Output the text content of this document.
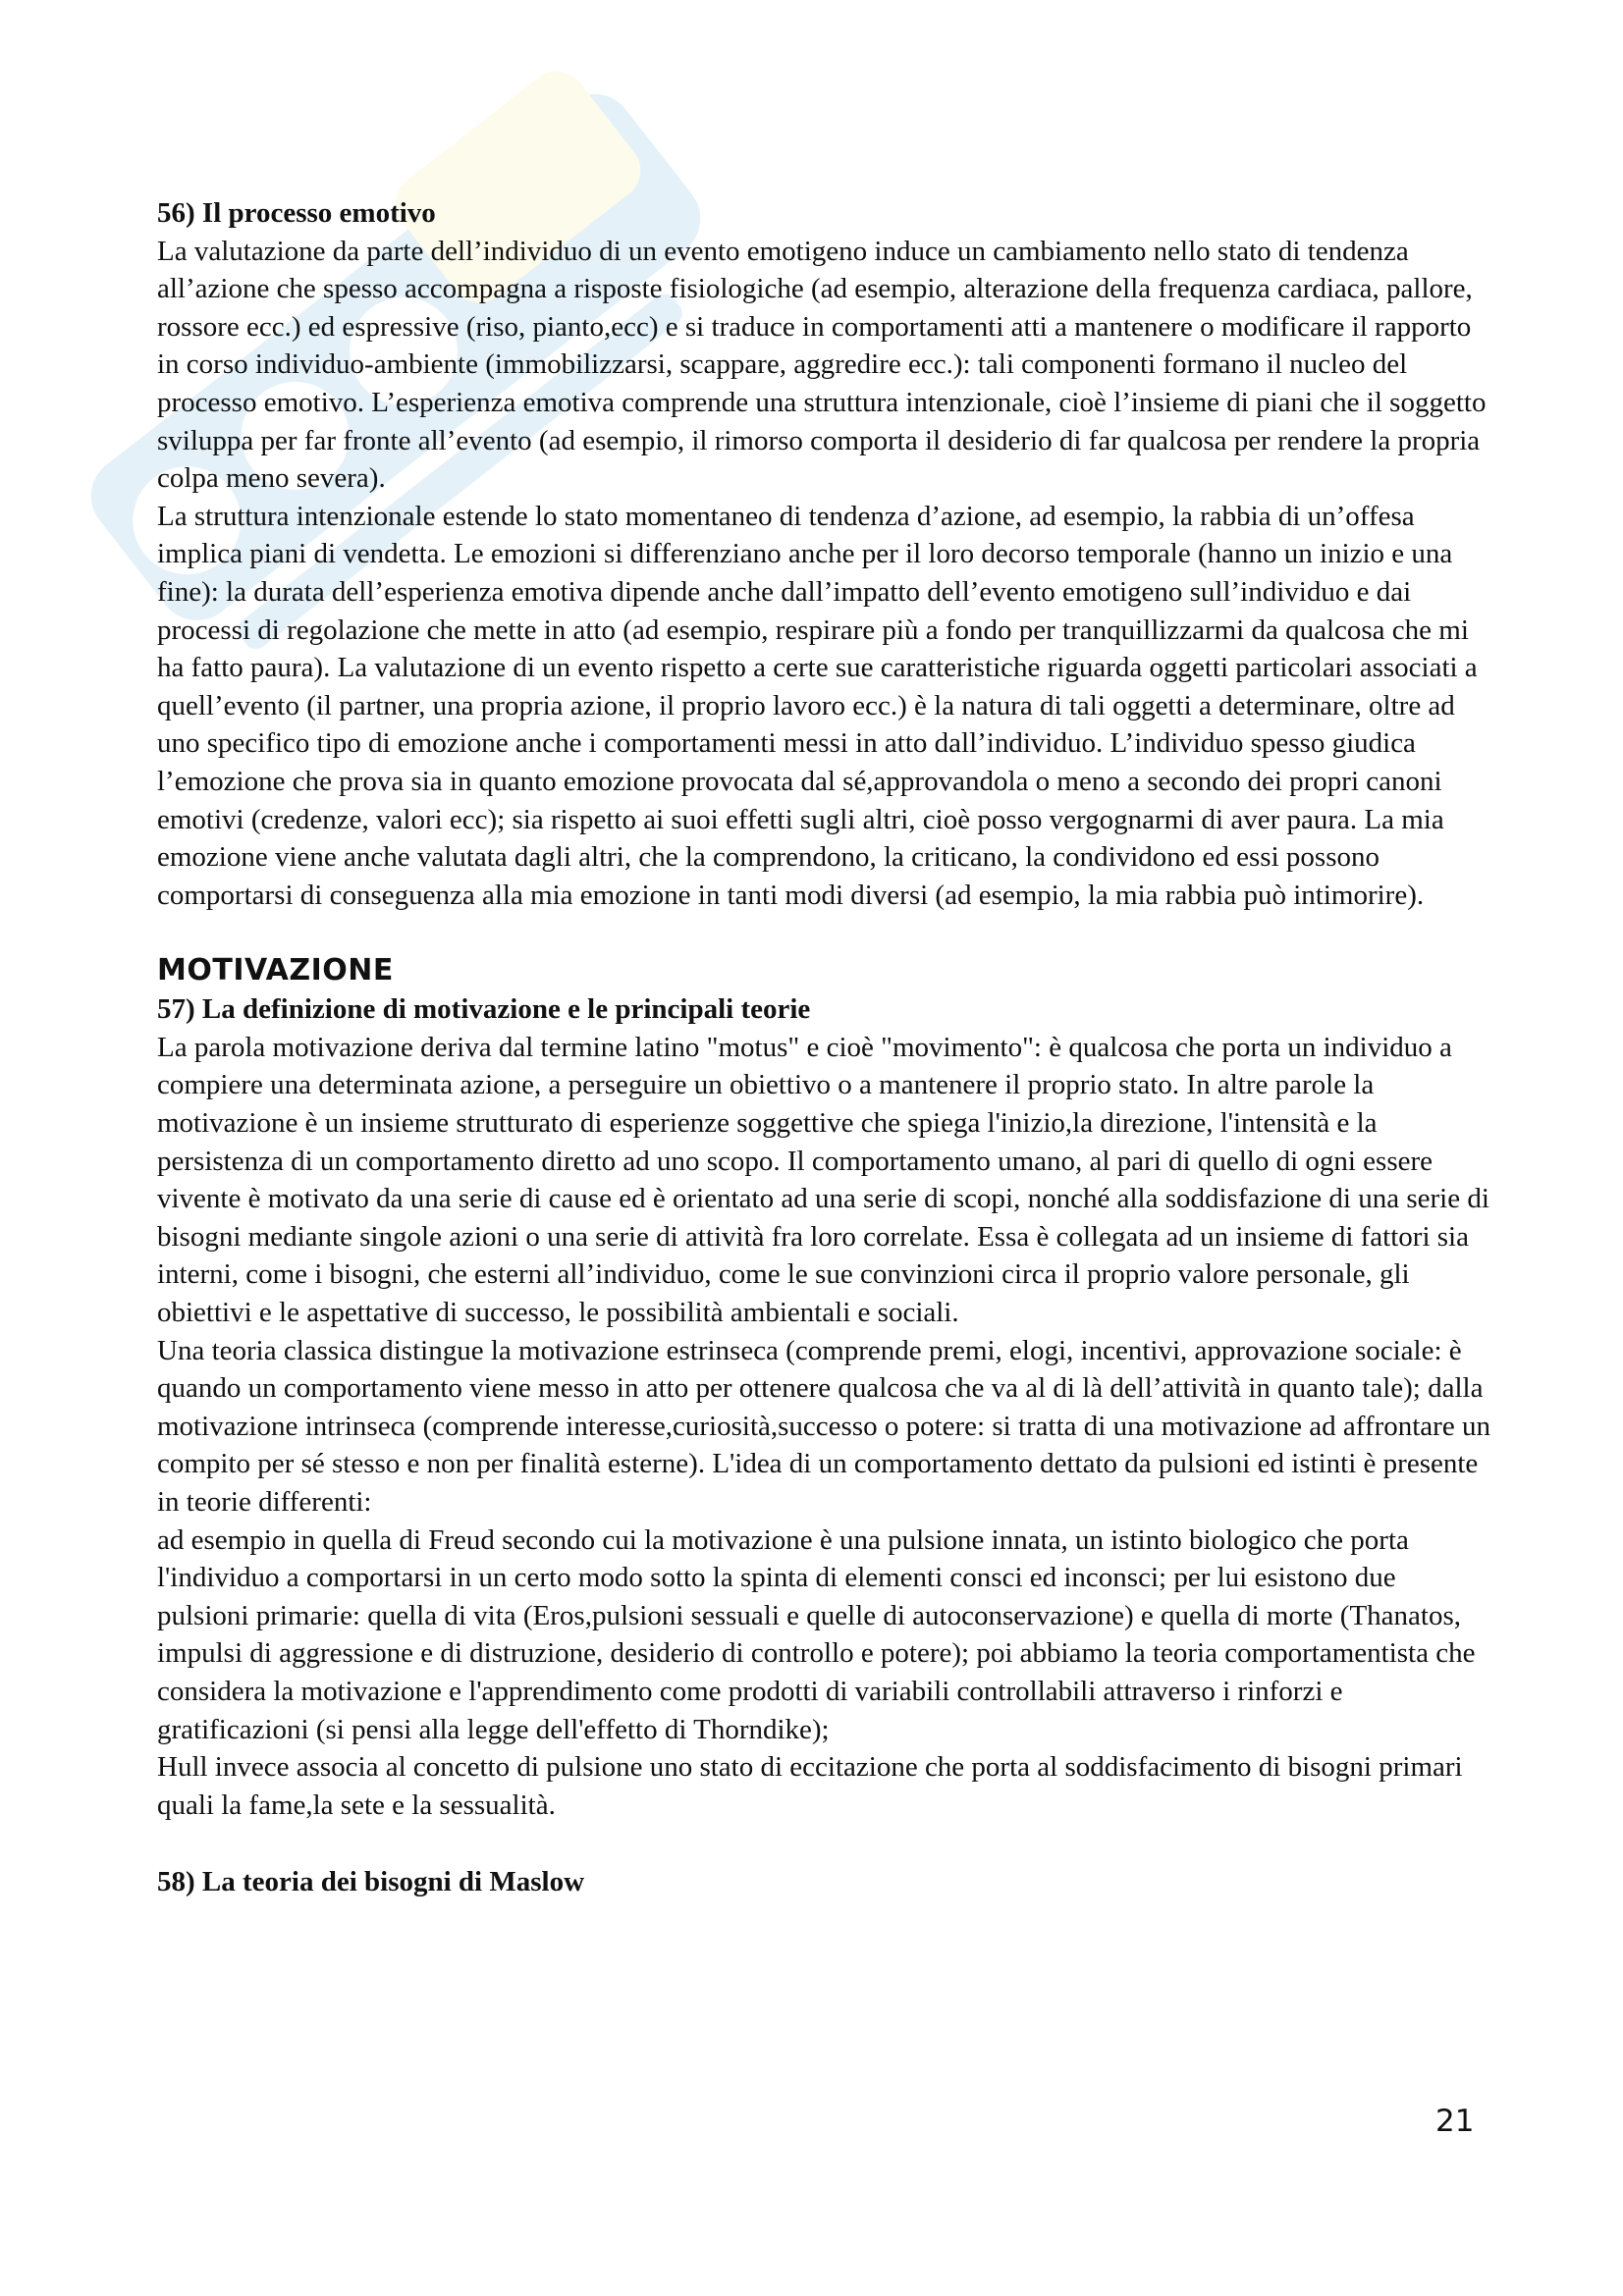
56) Il processo emotivo

La valutazione da parte dell’individuo di un evento emotigeno induce un cambiamento nello stato di tendenza all’azione che spesso accompagna a risposte fisiologiche (ad esempio, alterazione della frequenza cardiaca, pallore, rossore ecc.) ed espressive (riso, pianto,ecc) e si traduce in comportamenti atti a mantenere o modificare il rapporto in corso individuo-ambiente (immobilizzarsi, scappare, aggredire ecc.): tali componenti formano il nucleo del processo emotivo. L’esperienza emotiva comprende una struttura intenzionale, cioè l’insieme di piani che il soggetto sviluppa per far fronte all’evento (ad esempio, il rimorso comporta il desiderio di far qualcosa per rendere la propria colpa meno severa).

La struttura intenzionale estende lo stato momentaneo di tendenza d’azione, ad esempio, la rabbia di un’offesa implica piani di vendetta. Le emozioni si differenziano anche per il loro decorso temporale (hanno un inizio e una fine): la durata dell’esperienza emotiva dipende anche dall’impatto dell’evento emotigeno sull’individuo e dai processi di regolazione che mette in atto (ad esempio, respirare più a fondo per tranquillizzarmi da qualcosa che mi ha fatto paura). La valutazione di un evento rispetto a certe sue caratteristiche riguarda oggetti particolari associati a quell’evento (il partner, una propria azione, il proprio lavoro ecc.) è la natura di tali oggetti a determinare, oltre ad uno specifico tipo di emozione anche i comportamenti messi in atto dall’individuo. L’individuo spesso giudica l’emozione che prova sia in quanto emozione provocata dal sé,approvandola o meno a secondo dei propri canoni emotivi (credenze, valori ecc); sia rispetto ai suoi effetti sugli altri, cioè posso vergognarmi di aver paura. La mia emozione viene anche valutata dagli altri, che la comprendono, la criticano, la condividono ed essi possono comportarsi di conseguenza alla mia emozione in tanti modi diversi (ad esempio, la mia rabbia può intimorire).

MOTIVAZIONE

57) La definizione di motivazione e le principali teorie

La parola motivazione deriva dal termine latino "motus" e cioè "movimento": è qualcosa che porta un individuo a compiere una determinata azione, a perseguire un obiettivo o a mantenere il proprio stato. In altre parole la motivazione è un insieme strutturato di esperienze soggettive che spiega l'inizio,la direzione, l'intensità e la persistenza di un comportamento diretto ad uno scopo. Il comportamento umano, al pari di quello di ogni essere vivente è motivato da una serie di cause ed è orientato ad una serie di scopi, nonché alla soddisfazione di una serie di bisogni mediante singole azioni o una serie di attività fra loro correlate. Essa è collegata ad un insieme di fattori sia interni, come i bisogni, che esterni all’individuo, come le sue convinzioni circa il proprio valore personale, gli obiettivi e le aspettative di successo, le possibilità ambientali e sociali.

Una teoria classica distingue la motivazione estrinseca (comprende premi, elogi, incentivi, approvazione sociale: è quando un comportamento viene messo in atto per ottenere qualcosa che va al di là dell’attività in quanto tale); dalla motivazione intrinseca (comprende interesse,curiosità,successo o potere: si tratta di una motivazione ad affrontare un compito per sé stesso e non per finalità esterne). L'idea di un comportamento dettato da pulsioni ed istinti è presente in teorie differenti:

ad esempio in quella di Freud secondo cui la motivazione è una pulsione innata, un istinto biologico che porta l'individuo a comportarsi in un certo modo sotto la spinta di elementi consci ed inconsci; per lui esistono due pulsioni primarie: quella di vita (Eros,pulsioni sessuali e quelle di autoconservazione) e quella di morte (Thanatos, impulsi di aggressione e di distruzione, desiderio di controllo e potere); poi abbiamo la teoria comportamentista che considera la motivazione e l'apprendimento come prodotti di variabili controllabili attraverso i rinforzi e gratificazioni (si pensi alla legge dell'effetto di Thorndike);

Hull invece associa al concetto di pulsione uno stato di eccitazione che porta al soddisfacimento di bisogni primari quali la fame,la sete e la sessualità.

58) La teoria dei bisogni di Maslow

21
